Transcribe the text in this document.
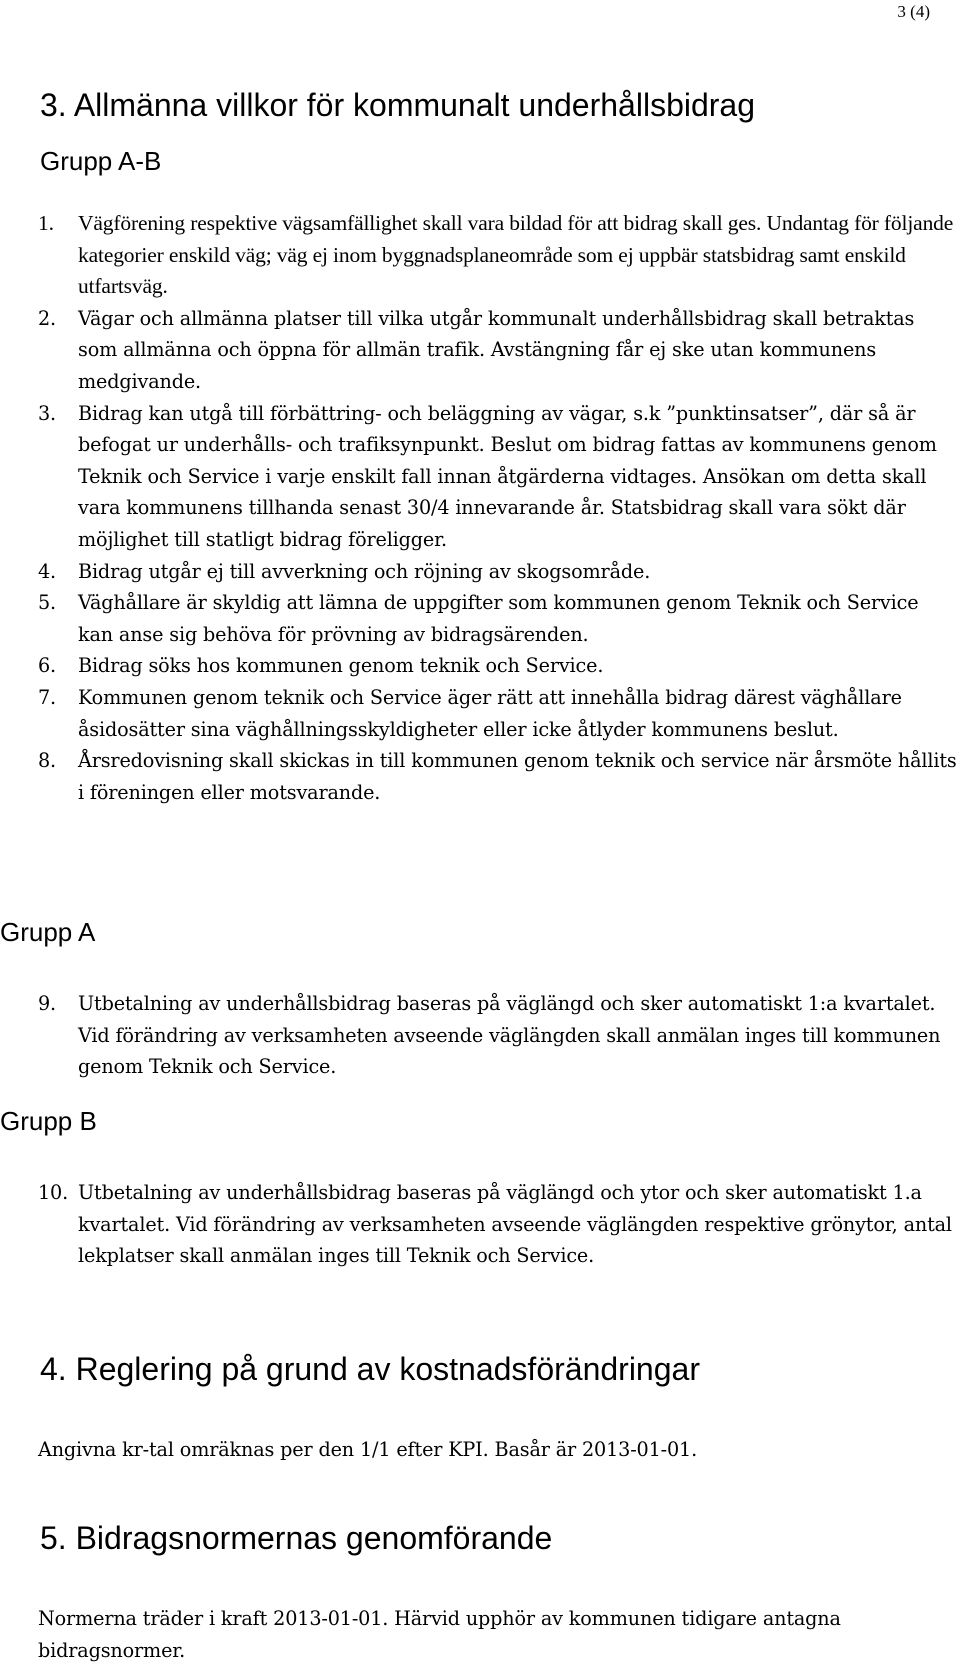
3 (4)
3. Allmänna villkor för kommunalt underhållsbidrag
Grupp A-B
1. Vägförening respektive vägsamfällighet skall vara bildad för att bidrag skall ges. Undantag för följande kategorier enskild väg; väg ej inom byggnadsplaneområde som ej uppbär statsbidrag samt enskild utfartsväg.
2. Vägar och allmänna platser till vilka utgår kommunalt underhållsbidrag skall betraktas som allmänna och öppna för allmän trafik. Avstängning får ej ske utan kommunens medgivande.
3. Bidrag kan utgå till förbättring- och beläggning av vägar, s.k ”punktinsatser”, där så är befogat ur underhålls- och trafiksynpunkt. Beslut om bidrag fattas av kommunens genom Teknik och Service i varje enskilt fall innan åtgärderna vidtages. Ansökan om detta skall vara kommunens tillhanda senast 30/4 innevarande år. Statsbidrag skall vara sökt där möjlighet till statligt bidrag föreligger.
4. Bidrag utgår ej till avverkning och röjning av skogsområde.
5. Väghållare är skyldig att lämna de uppgifter som kommunen genom Teknik och Service kan anse sig behöva för prövning av bidragsärenden.
6. Bidrag söks hos kommunen genom teknik och Service.
7. Kommunen genom teknik och Service äger rätt att innehålla bidrag därest väghållare åsidosätter sina väghållningsskyldigheter eller icke åtlyder kommunens beslut.
8. Årsredovisning skall skickas in till kommunen genom teknik och service när årsmöte hållits i föreningen eller motsvarande.
Grupp A
9. Utbetalning av underhållsbidrag baseras på väglängd och sker automatiskt 1:a kvartalet. Vid förändring av verksamheten avseende väglängden skall anmälan inges till kommunen genom Teknik och Service.
Grupp B
10. Utbetalning av underhållsbidrag baseras på väglängd och ytor och sker automatiskt 1.a kvartalet. Vid förändring av verksamheten avseende väglängden respektive grönytor, antal lekplatser skall anmälan inges till Teknik och Service.
4. Reglering på grund av kostnadsförändringar

Angivna kr-tal omräknas per den 1/1 efter KPI. Basår är 2013-01-01.

5. Bidragsnormernas genomförande

Normerna träder i kraft 2013-01-01. Härvid upphör av kommunen tidigare antagna bidragsnormer.
